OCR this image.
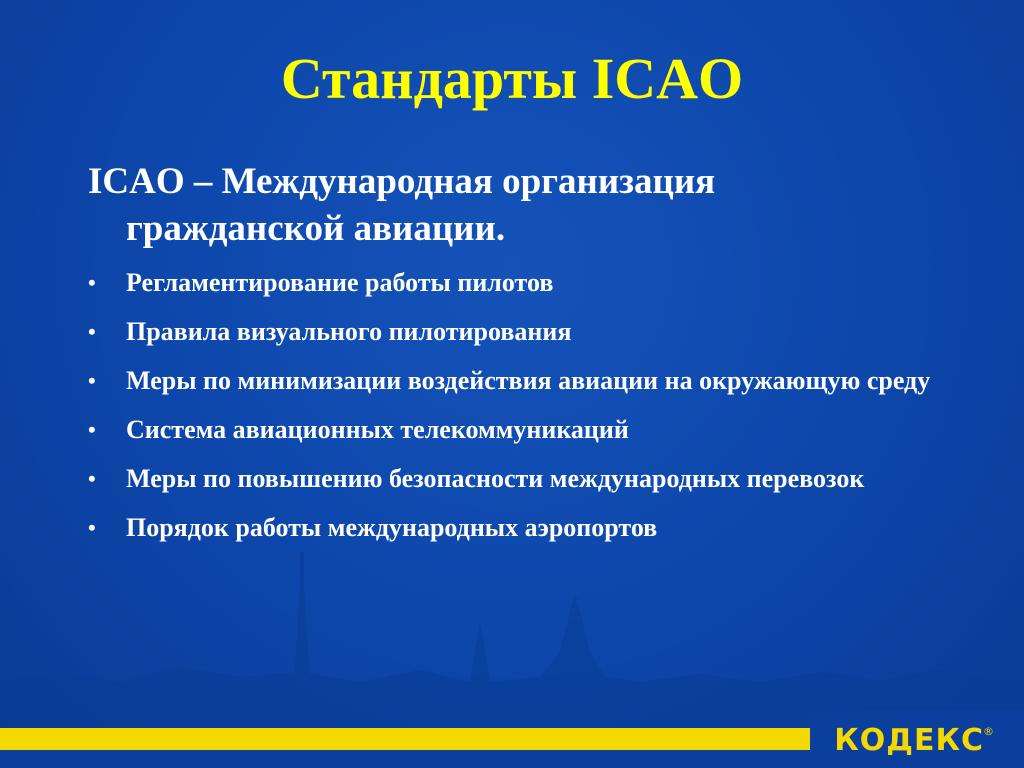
Стандарты ICAO

ICAO – Международная организация
гражданской авиации.

• Регламентирование работы пилотов
• Правила визуального пилотирования
• Меры по минимизации воздействия авиации на окружающую среду
• Система авиационных телекоммуникаций
• Меры по повышению безопасности международных перевозок
• Порядок работы международных аэропортов
КОДЕКС ®
